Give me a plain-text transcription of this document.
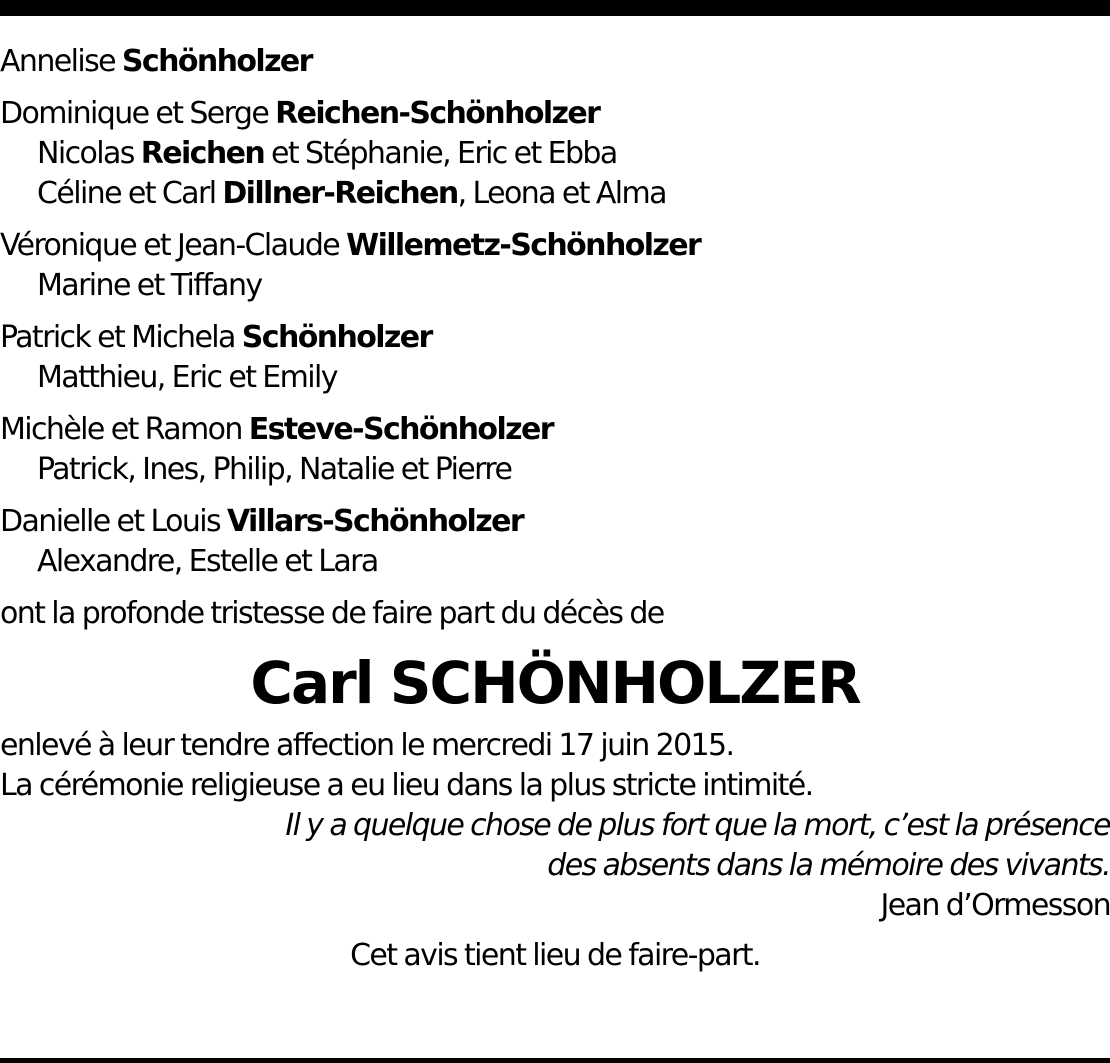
Annelise Schönholzer
Dominique et Serge Reichen-Schönholzer
Nicolas Reichen et Stéphanie, Eric et Ebba
Céline et Carl Dillner-Reichen, Leona et Alma
Véronique et Jean-Claude Willemetz-Schönholzer
Marine et Tiffany
Patrick et Michela Schönholzer
Matthieu, Eric et Emily
Michèle et Ramon Esteve-Schönholzer
Patrick, Ines, Philip, Natalie et Pierre
Danielle et Louis Villars-Schönholzer
Alexandre, Estelle et Lara
ont la profonde tristesse de faire part du décès de
Carl SCHÖNHOLZER
enlevé à leur tendre affection le mercredi 17 juin 2015.
La cérémonie religieuse a eu lieu dans la plus stricte intimité.
Il y a quelque chose de plus fort que la mort, c’est la présence
des absents dans la mémoire des vivants.
Jean d’Ormesson
Cet avis tient lieu de faire-part.
